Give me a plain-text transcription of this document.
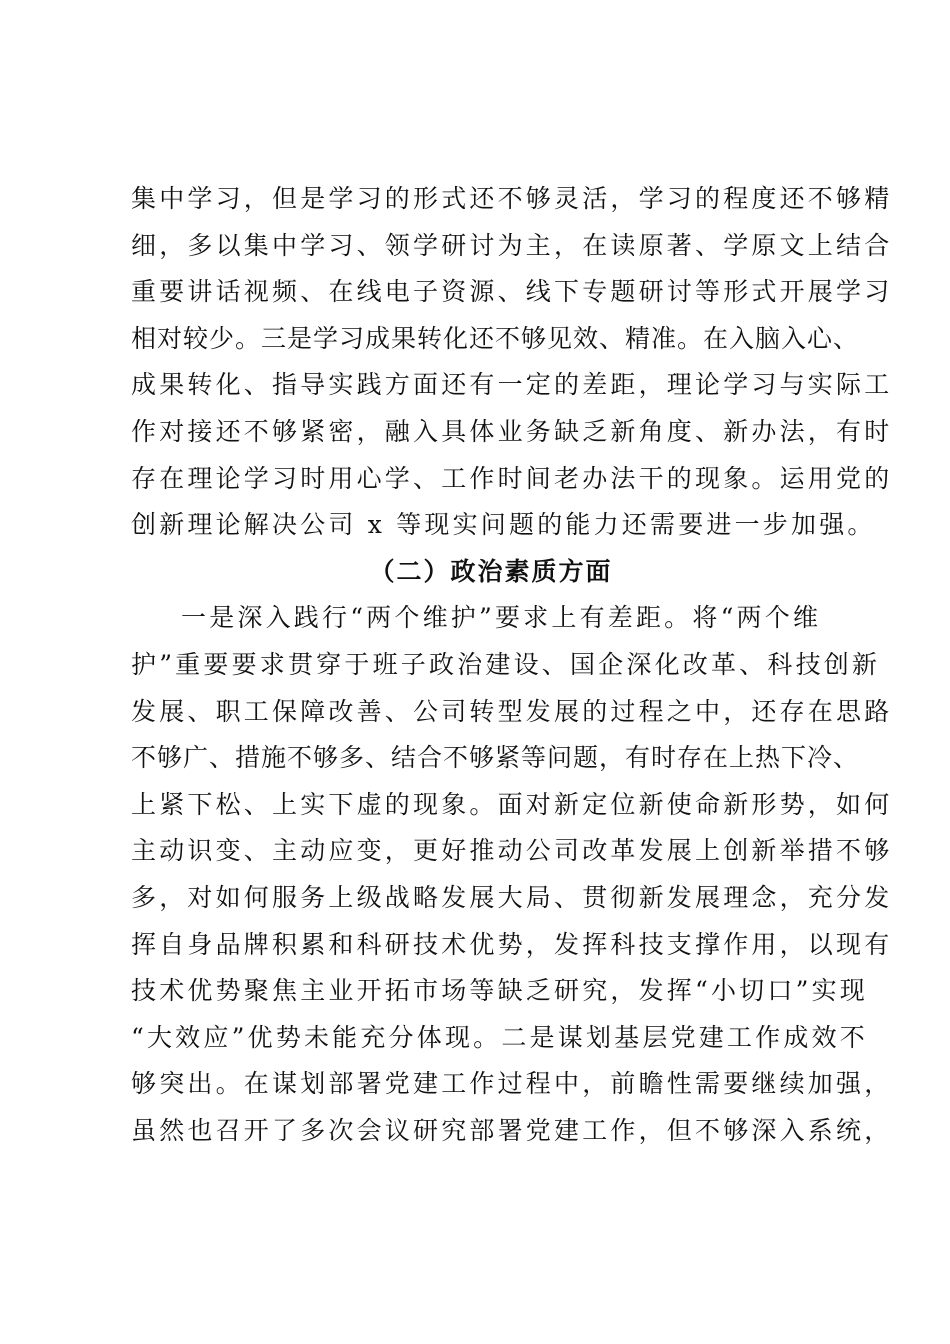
集中学习，但是学习的形式还不够灵活，学习的程度还不够精
细，多以集中学习、领学研讨为主，在读原著、学原文上结合
重要讲话视频、在线电子资源、线下专题研讨等形式开展学习
相对较少。三是学习成果转化还不够见效、精准。在入脑入心、
成果转化、指导实践方面还有一定的差距，理论学习与实际工
作对接还不够紧密，融入具体业务缺乏新角度、新办法，有时
存在理论学习时用心学、工作时间老办法干的现象。运用党的
创新理论解决公司 x 等现实问题的能力还需要进一步加强。
（二）政治素质方面
一是深入践行“两个维护”要求上有差距。将“两个维
护”重要要求贯穿于班子政治建设、国企深化改革、科技创新
发展、职工保障改善、公司转型发展的过程之中，还存在思路
不够广、措施不够多、结合不够紧等问题，有时存在上热下冷、
上紧下松、上实下虚的现象。面对新定位新使命新形势，如何
主动识变、主动应变，更好推动公司改革发展上创新举措不够
多，对如何服务上级战略发展大局、贯彻新发展理念，充分发
挥自身品牌积累和科研技术优势，发挥科技支撑作用，以现有
技术优势聚焦主业开拓市场等缺乏研究，发挥“小切口”实现
“大效应”优势未能充分体现。二是谋划基层党建工作成效不
够突出。在谋划部署党建工作过程中，前瞻性需要继续加强，
虽然也召开了多次会议研究部署党建工作，但不够深入系统，
